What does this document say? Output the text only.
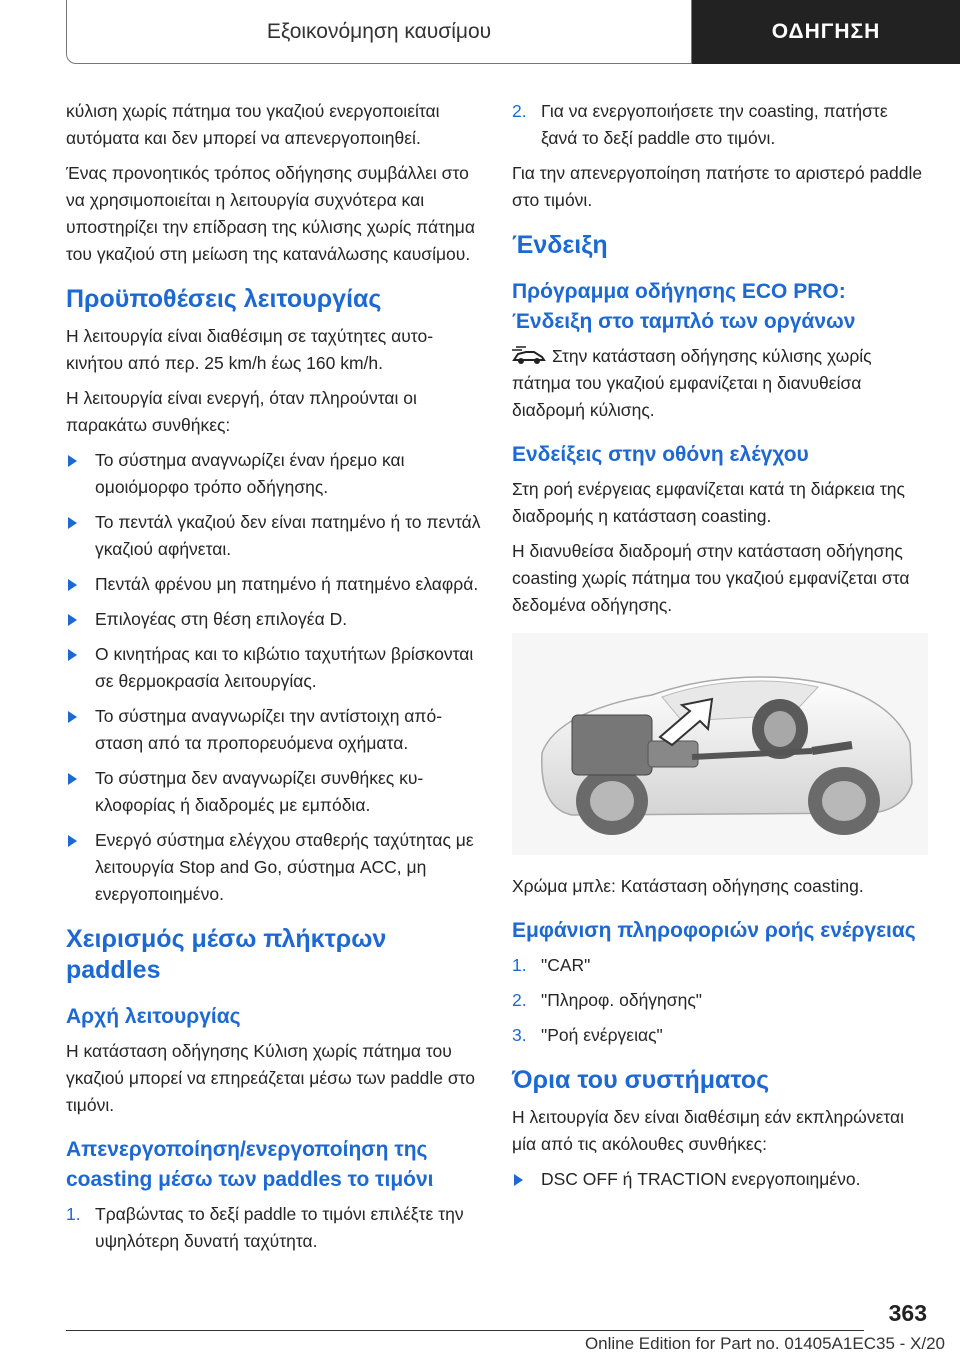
Εξοικονόμηση καυσίμου	ΟΔΗΓΗΣΗ

κύλιση χωρίς πάτημα του γκαζιού ενεργοποιείται αυτόματα και δεν μπορεί να απενεργοποιηθεί.

Ένας προνοητικός τρόπος οδήγησης συμβάλλει στο να χρησιμοποιείται η λειτουργία συχνότερα και υποστηρίζει την επίδραση της κύλισης χωρίς πάτημα του γκαζιού στη μείωση της κατανάλωσης καυσίμου.

Προϋποθέσεις λειτουργίας

Η λειτουργία είναι διαθέσιμη σε ταχύτητες αυτοκινήτου από περ. 25 km/h έως 160 km/h.

Η λειτουργία είναι ενεργή, όταν πληρούνται οι παρακάτω συνθήκες:

Το σύστημα αναγνωρίζει έναν ήρεμο και ομοιόμορφο τρόπο οδήγησης.
Το πεντάλ γκαζιού δεν είναι πατημένο ή το πεντάλ γκαζιού αφήνεται.
Πεντάλ φρένου μη πατημένο ή πατημένο ελαφρά.
Επιλογέας στη θέση επιλογέα D.
Ο κινητήρας και το κιβώτιο ταχυτήτων βρίσκονται σε θερμοκρασία λειτουργίας.
Το σύστημα αναγνωρίζει την αντίστοιχη απόσταση από τα προπορευόμενα οχήματα.
Το σύστημα δεν αναγνωρίζει συνθήκες κυκλοφορίας ή διαδρομές με εμπόδια.
Ενεργό σύστημα ελέγχου σταθερής ταχύτητας με λειτουργία Stop and Go, σύστημα ACC, μη ενεργοποιημένο.
Χειρισμός μέσω πλήκτρων paddles
Αρχή λειτουργίας

Η κατάσταση οδήγησης Κύλιση χωρίς πάτημα του γκαζιού μπορεί να επηρεάζεται μέσω των paddle στο τιμόνι.

Απενεργοποίηση/ενεργοποίηση της coasting μέσω των paddles το τιμόνι
1. Τραβώντας το δεξί paddle το τιμόνι επιλέξτε την υψηλότερη δυνατή ταχύτητα.
2. Για να ενεργοποιήσετε την coasting, πατήστε ξανά το δεξί paddle στο τιμόνι.

Για την απενεργοποίηση πατήστε το αριστερό paddle στο τιμόνι.

Ένδειξη
Πρόγραμμα οδήγησης ECO PRO: Ένδειξη στο ταμπλό των οργάνων

Στην κατάσταση οδήγησης κύλισης χωρίς πάτημα του γκαζιού εμφανίζεται η διανυθείσα διαδρομή κύλισης.

Ενδείξεις στην οθόνη ελέγχου

Στη ροή ενέργειας εμφανίζεται κατά τη διάρκεια της διαδρομής η κατάσταση coasting.

Η διανυθείσα διαδρομή στην κατάσταση οδήγησης coasting χωρίς πάτημα του γκαζιού εμφανίζεται στα δεδομένα οδήγησης.

Χρώμα μπλε: Κατάσταση οδήγησης coasting.

Εμφάνιση πληροφοριών ροής ενέργειας
1. "CAR"
2. "Πληροφ. οδήγησης"
3. "Ροή ενέργειας"
Όρια του συστήματος

Η λειτουργία δεν είναι διαθέσιμη εάν εκπληρώνεται μία από τις ακόλουθες συνθήκες:

DSC OFF ή TRACTION ενεργοποιημένο.
363
Online Edition for Part no. 01405A1EC35 - X/20
